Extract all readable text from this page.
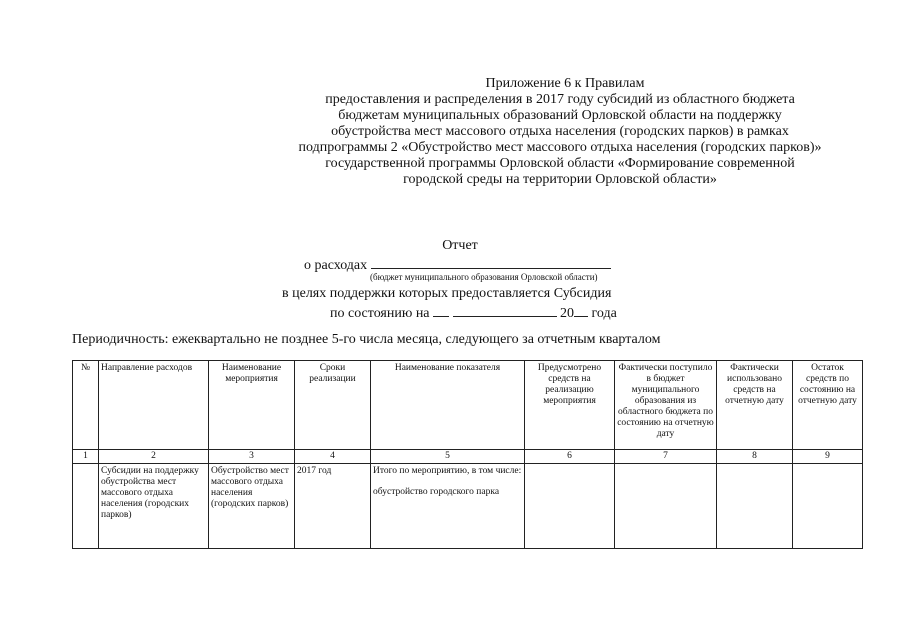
Приложение 6 к Правилам
предоставления и распределения в 2017 году субсидий из областного бюджета
бюджетам муниципальных образований Орловской области на поддержку
обустройства мест массового отдыха населения (городских парков) в рамках
подпрограммы 2 «Обустройство мест массового отдыха населения (городских парков)»
государственной программы Орловской области «Формирование современной
городской среды на территории Орловской области»
Отчет
о расходах
(бюджет муниципального образования Орловской области)
в целях поддержки которых предоставляется Субсидия
по состоянию на	20 года
Периодичность: ежеквартально не позднее 5-го числа месяца, следующего за отчетным кварталом
№	Направление расходов	Наименование мероприятия	Сроки реализации	Наименование показателя	Предусмотрено средств на реализацию мероприятия	Фактически поступило в бюджет муниципального образования из областного бюджета по состоянию на отчетную дату	Фактически использовано средств на отчетную дату	Остаток средств по состоянию на отчетную дату
1	2	3	4	5	6	7	8	9
	Субсидии на поддержку обустройства мест массового отдыха населения (городских парков)	Обустройство мест массового отдыха населения (городских парков)	2017 год	Итого по мероприятию, в том числе:
обустройство городского парка				
